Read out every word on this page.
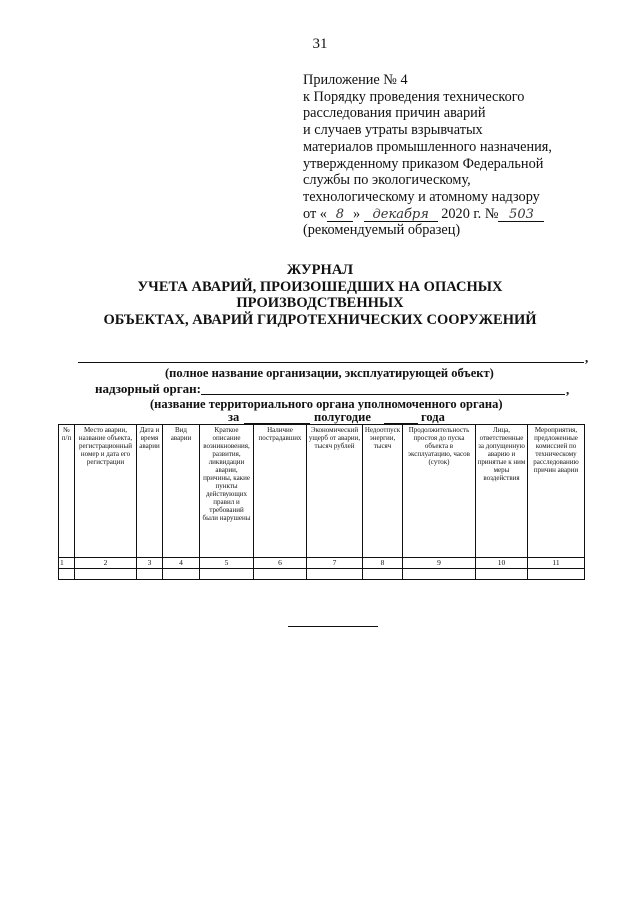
31
Приложение № 4
к Порядку проведения технического
расследования причин аварий
и случаев утраты взрывчатых
материалов промышленного назначения,
утвержденному приказом Федеральной
службы по экологическому,
технологическому и атомному надзору
от « 8 » декабря 2020 г. № 503
(рекомендуемый образец)
ЖУРНАЛ
УЧЕТА АВАРИЙ, ПРОИЗОШЕДШИХ НА ОПАСНЫХ
ПРОИЗВОДСТВЕННЫХ
ОБЪЕКТАХ, АВАРИЙ ГИДРОТЕХНИЧЕСКИХ СООРУЖЕНИЙ
,
(полное название организации, эксплуатирующей объект)
надзорный орган:	,
(название территориального органа уполномоченного органа)
за	полугодие	года
№ п/п	Место аварии, название объекта, регистрационный номер и дата его регистрации	Дата и время аварии	Вид аварии	Краткое описание возникновения, развития, ликвидации аварии, причины, какие пункты действующих правил и требований были нарушены	Наличие пострадавших	Экономический ущерб от аварии, тысяч рублей	Недоотпуск энергии, тысяч	Продолжительность простоя до пуска объекта в эксплуатацию, часов (суток)	Лица, ответственные за допущенную аварию и принятые к ним меры воздействия	Мероприятия, предложенные комиссией по техническому расследованию причин аварии
1	2	3	4	5	6	7	8	9	10	11
